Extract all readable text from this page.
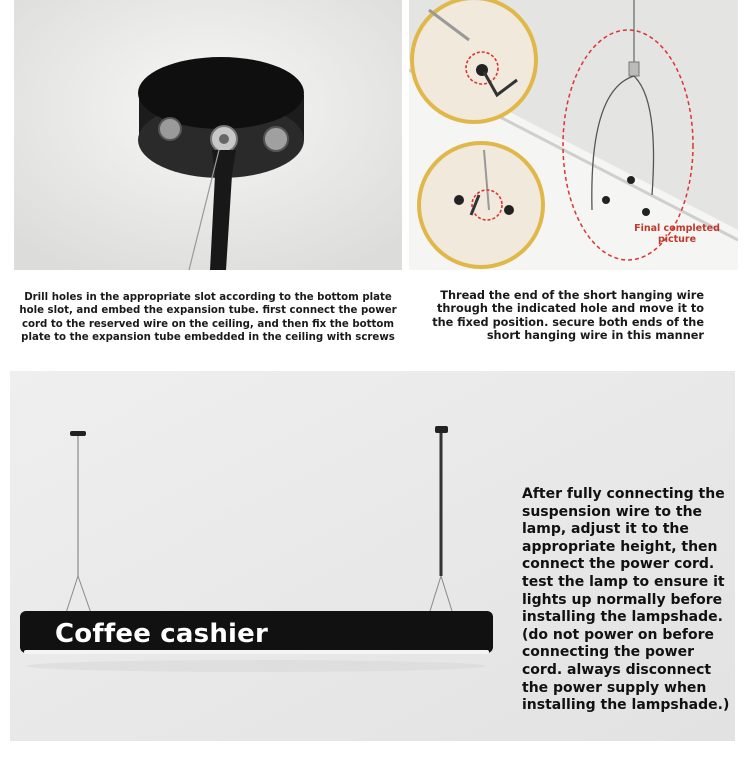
Final completed
picture
Drill holes in the appropriate slot according to the bottom plate
hole slot, and embed the expansion tube. first connect the power
cord to the reserved wire on the ceiling, and then fix the bottom
plate to the expansion tube embedded in the ceiling with screws
Thread the end of the short hanging wire
through the indicated hole and move it to
the fixed position. secure both ends of the
short hanging wire in this manner
Coffee cashier
After fully connecting the
suspension wire to the
lamp, adjust it to the
appropriate height, then
connect the power cord.
test the lamp to ensure it
lights up normally before
installing the lampshade.
(do not power on before
connecting the power
cord. always disconnect
the power supply when
installing the lampshade.)
